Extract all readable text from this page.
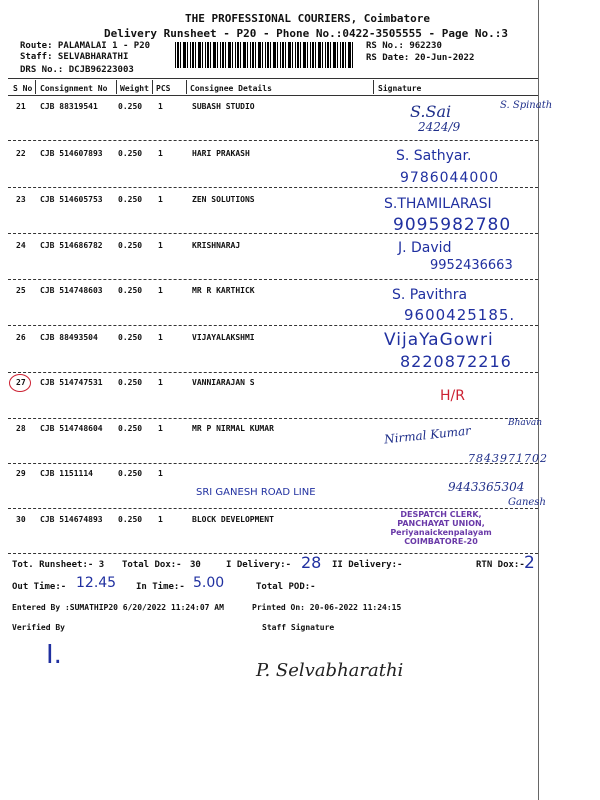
THE PROFESSIONAL COURIERS, Coimbatore
Delivery Runsheet - P20 - Phone No.:0422-3505555 - Page No.:3
Route: PALAMALAI 1 - P20
Staff: SELVABHARATHI
DRS No.: DCJB96223003
RS No.: 962230
RS Date: 20-Jun-2022
S No Consignment No Weight PCS Consignee Details	Signature
21 CJB 88319541	0.250 1	SUBASH STUDIO	S.Sai
2424/9
S. Spinath
22 CJB 514607893 0.250 1	HARI PRAKASH	S. Sathyar.
9786044000
23 CJB 514605753 0.250 1	ZEN SOLUTIONS	S.THAMILARASI
9095982780
24 CJB 514686782 0.250 1	KRISHNARAJ	J. David
9952436663
25 CJB 514748603 0.250 1	MR R KARTHICK	S. Pavithra
9600425185.
26 CJB 88493504	0.250 1	VIJAYALAKSHMI	VijaYaGowri
8220872216
27 CJB 514747531 0.250 1	VANNIARAJAN S
H/R
28 CJB 514748604 0.250 1	MR P NIRMAL KUMAR	Nirmal Kumar
Bhavan
7843971702
29 CJB 1151114	0.250 1
SRI GANESH ROAD LINE	9443365304
Ganesh
30 CJB 514674893 0.250 1	BLOCK DEVELOPMENT
DESPATCH CLERK,
PANCHAYAT UNION,
Periyanaickenpalayam
COIMBATORE-20
Tot. Runsheet:- 3 Total Dox:- 30	I Delivery:- 28 II Delivery:-	RTN Dox:- 2
Out Time:- 12.45 In Time:- 5.00	Total POD:-
Entered By :SUMATHIP20 6/20/2022 11:24:07 AM	Printed On: 20-06-2022 11:24:15
Verified By	Staff Signature
I.
P. Selvabharathi
